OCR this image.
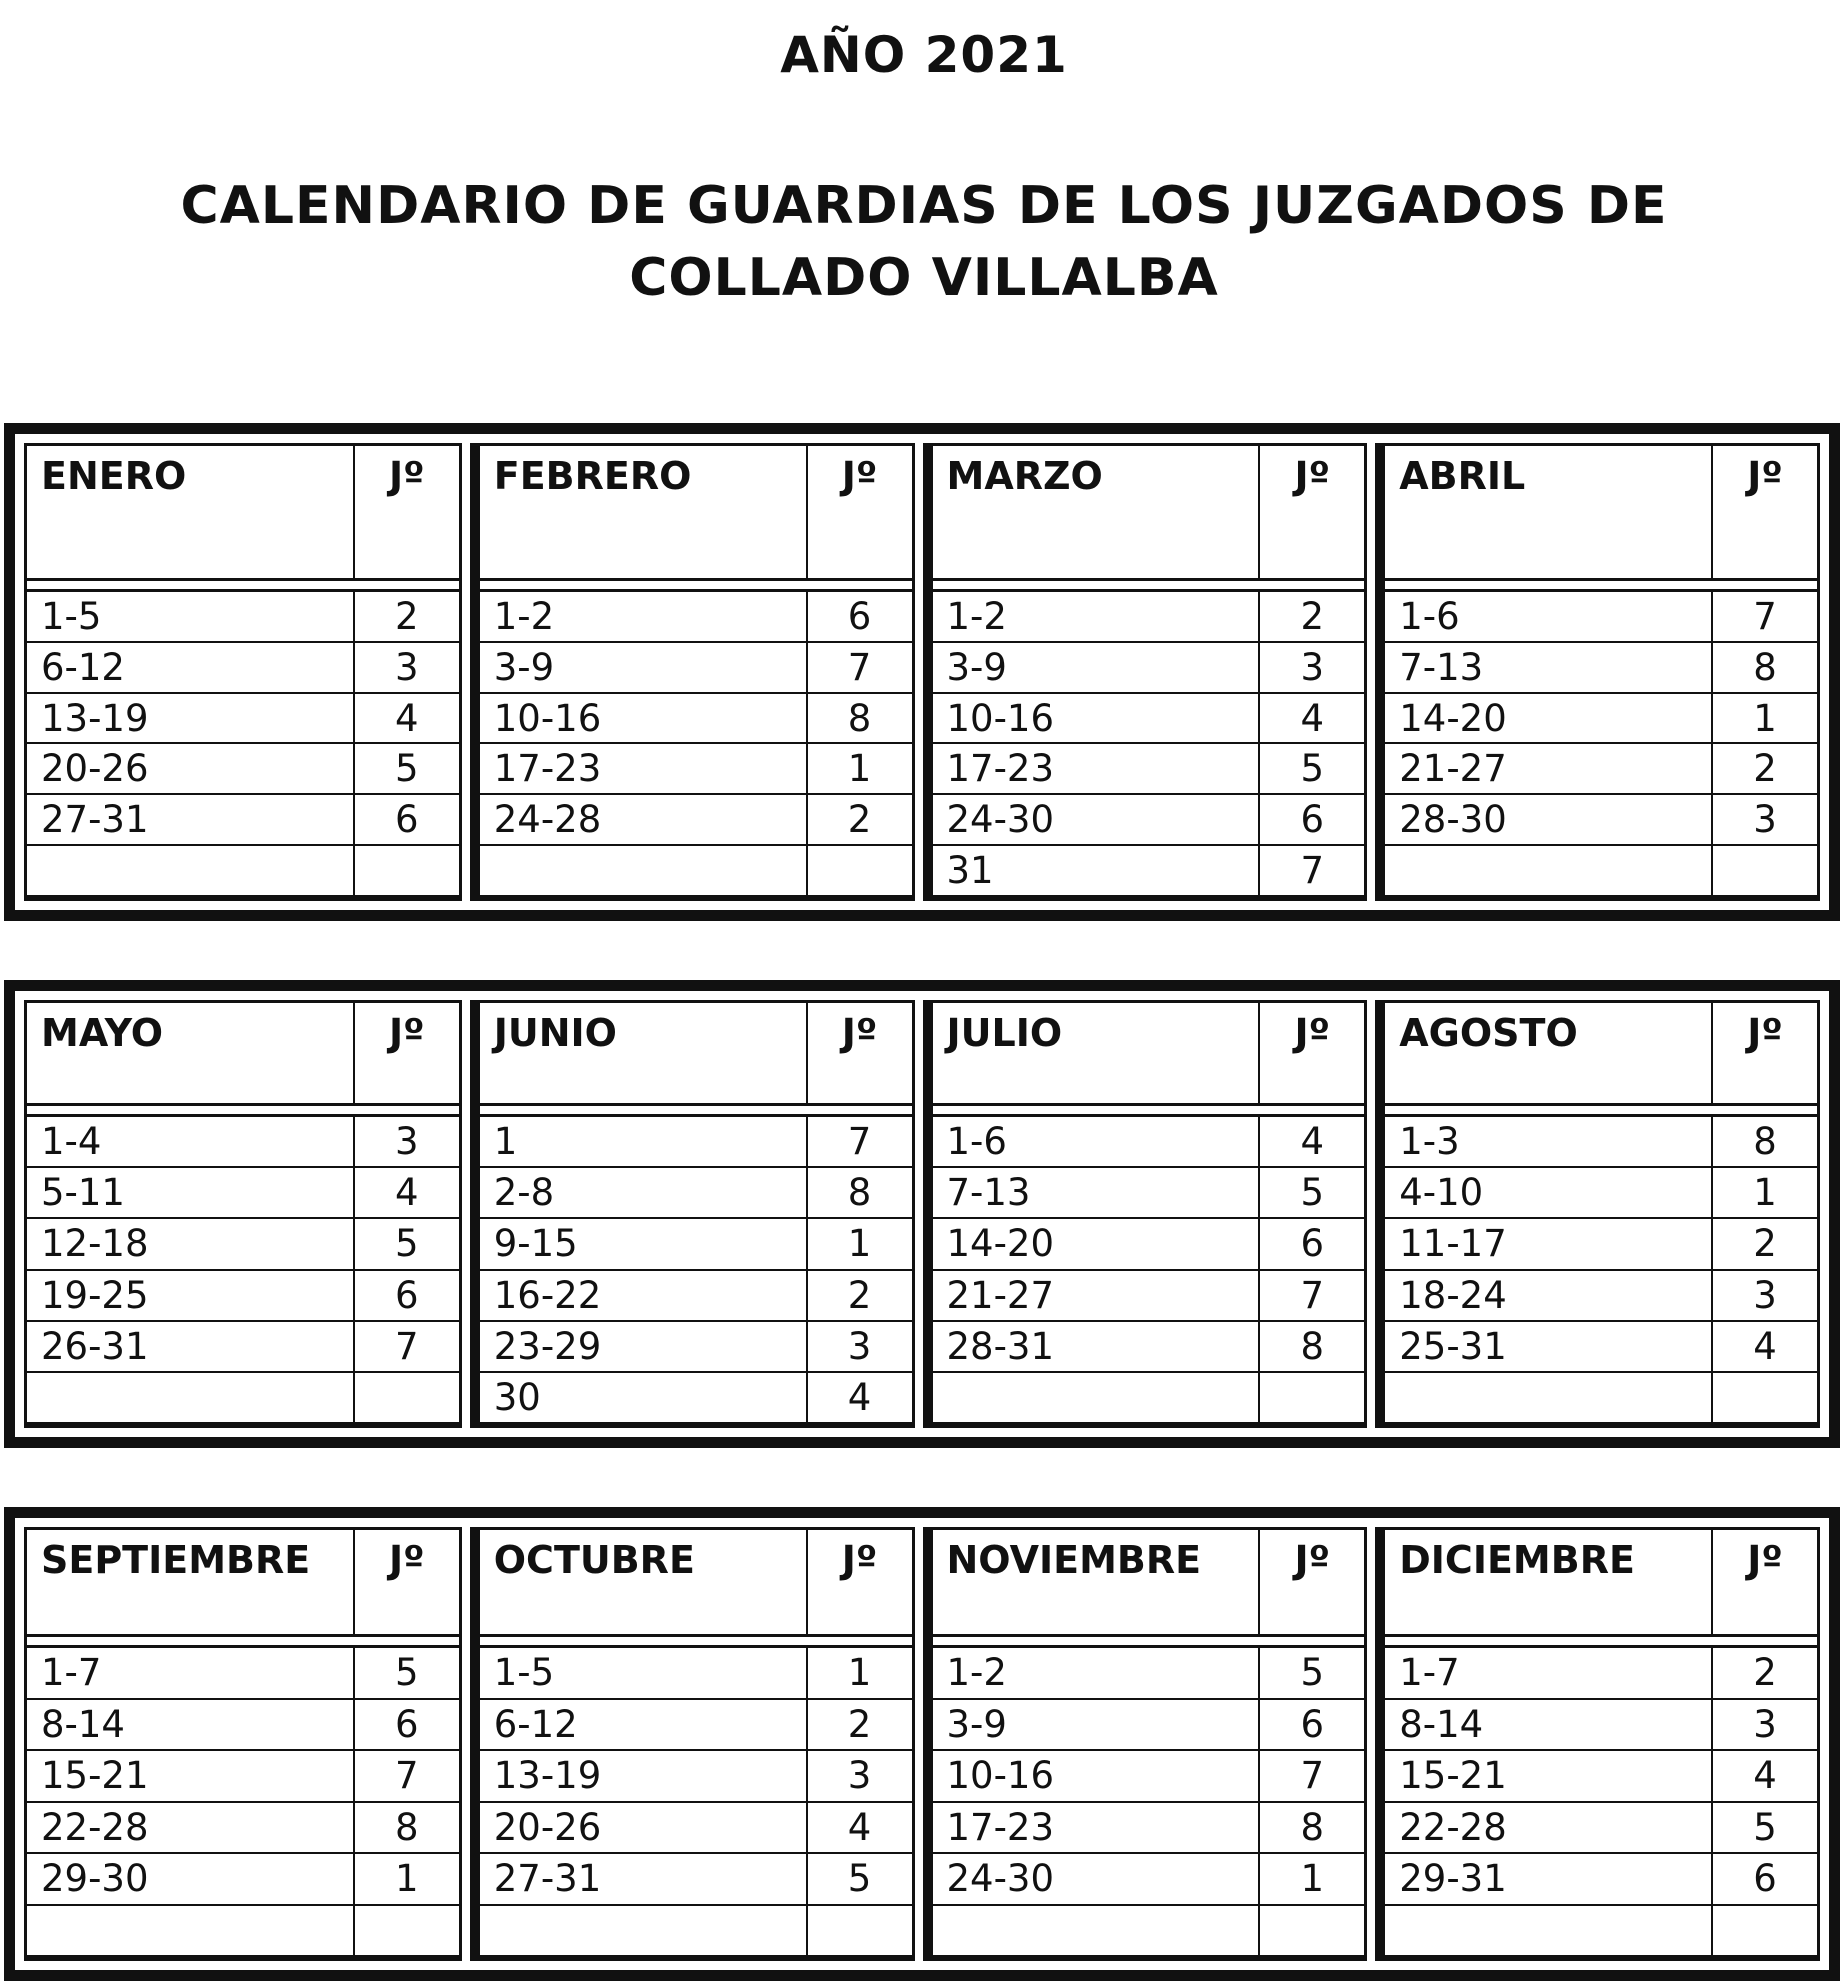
AÑO 2021
CALENDARIO DE GUARDIAS DE LOS JUZGADOS DE COLLADO VILLALBA
ENERO	Jº
1-5	2
6-12	3
13-19	4
20-26	5
27-31	6
FEBRERO	Jº
1-2	6
3-9	7
10-16	8
17-23	1
24-28	2
MARZO	Jº
1-2	2
3-9	3
10-16	4
17-23	5
24-30	6
31	7
ABRIL	Jº
1-6	7
7-13	8
14-20	1
21-27	2
28-30	3
MAYO	Jº
1-4	3
5-11	4
12-18	5
19-25	6
26-31	7
JUNIO	Jº
1	7
2-8	8
9-15	1
16-22	2
23-29	3
30	4
JULIO	Jº
1-6	4
7-13	5
14-20	6
21-27	7
28-31	8
AGOSTO	Jº
1-3	8
4-10	1
11-17	2
18-24	3
25-31	4
SEPTIEMBRE	Jº
1-7	5
8-14	6
15-21	7
22-28	8
29-30	1
OCTUBRE	Jº
1-5	1
6-12	2
13-19	3
20-26	4
27-31	5
NOVIEMBRE	Jº
1-2	5
3-9	6
10-16	7
17-23	8
24-30	1
DICIEMBRE	Jº
1-7	2
8-14	3
15-21	4
22-28	5
29-31	6
